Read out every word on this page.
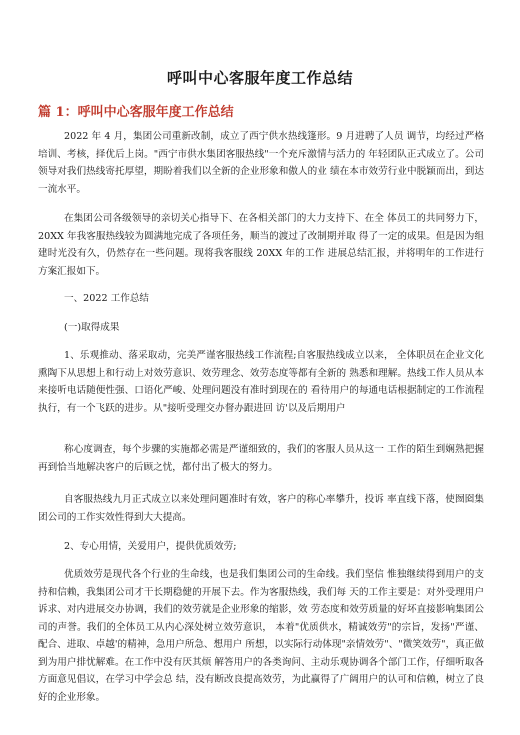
呼叫中心客服年度工作总结
篇 1：呼叫中心客服年度工作总结

2022 年 4 月，集团公司重新改制，成立了西宁供水热线篷形。9 月进聘了人员 调节，均经过严格培训、考核，择优后上岗。"西宁市供水集团客服热线"一个充斥激情与活力的 年轻团队正式成立了。公司领导对我们热线寄托厚望，期盼着我们以全新的企业形象和傲人的业 绩在本市效劳行业中脱颖而出，到达一流水平。

在集团公司各级领导的亲切关心指导下、在各相关部门的大力支持下、在全 体员工的共同努力下，20XX 年我客服热线较为圆满地完成了各项任务，顺当的渡过了改制期并取 得了一定的成果。但是因为组建时光没有久，仍然存在一些问题。现将我客服线 20XX 年的工作 进展总结汇报，并将明年的工作进行方案汇报如下。

一、2022 工作总结

(一)取得成果

1、乐观推动、落采取动，完美严谨客服热线工作流程;自客服热线成立以来， 全体职员在企业文化熏陶下从思想上和行动上对效劳意识、效劳理念、效劳态度等都有全新的 熟悉和理解。热线工作人员从本来接听电话随便性强、口语化严峻、处理问题没有准时到现在的 看待用户的每通电话根据制定的工作流程执行，有一个飞跃的进步。从"接听受理交办督办跟进回 访'以及后期用户

称心度调查，每个步骤的实施都必需是严谨细致的，我们的客服人员从这一 工作的陌生到娴熟把握再到恰当地解决客户的后顾之忧，都付出了极大的努力。

自客服热线九月正式成立以来处理问题准时有效，客户的称心率攀升，投诉 率直线下落，使囫囵集团公司的工作实效性得到大大提高。

2、专心用情，关爱用户，提供优质效劳;

优质效劳是现代各个行业的生命线，也是我们集团公司的生命线。我们坚信 惟独继续得到用户的支持和信赖，我集团公司才干长期稳健的开展下去。作为客服热线，我们每 天的工作主要是：对外受理用户诉求、对内进展交办协调，我们的效劳就是企业形象的缩影，效 劳态度和效劳质量的好坏直接影响集团公司的声誉。我们的全体员工从内心深处树立效劳意识， 本着"优质供水，精诚效劳"的宗旨，发扬"严谨、配合、进取、卓越'的精神，急用户所急、想用户 所想，以实际行动体现"亲情效劳"、"微笑效劳"，真正做到为用户排忧解难。在工作中没有厌其烦 解答用户的各类询问、主动乐观协调各个部门工作，仔细听取各方面意见倡议，在学习中学会总 结，没有断改良提高效劳，为此赢得了广阔用户的认可和信赖，树立了良好的企业形象。
